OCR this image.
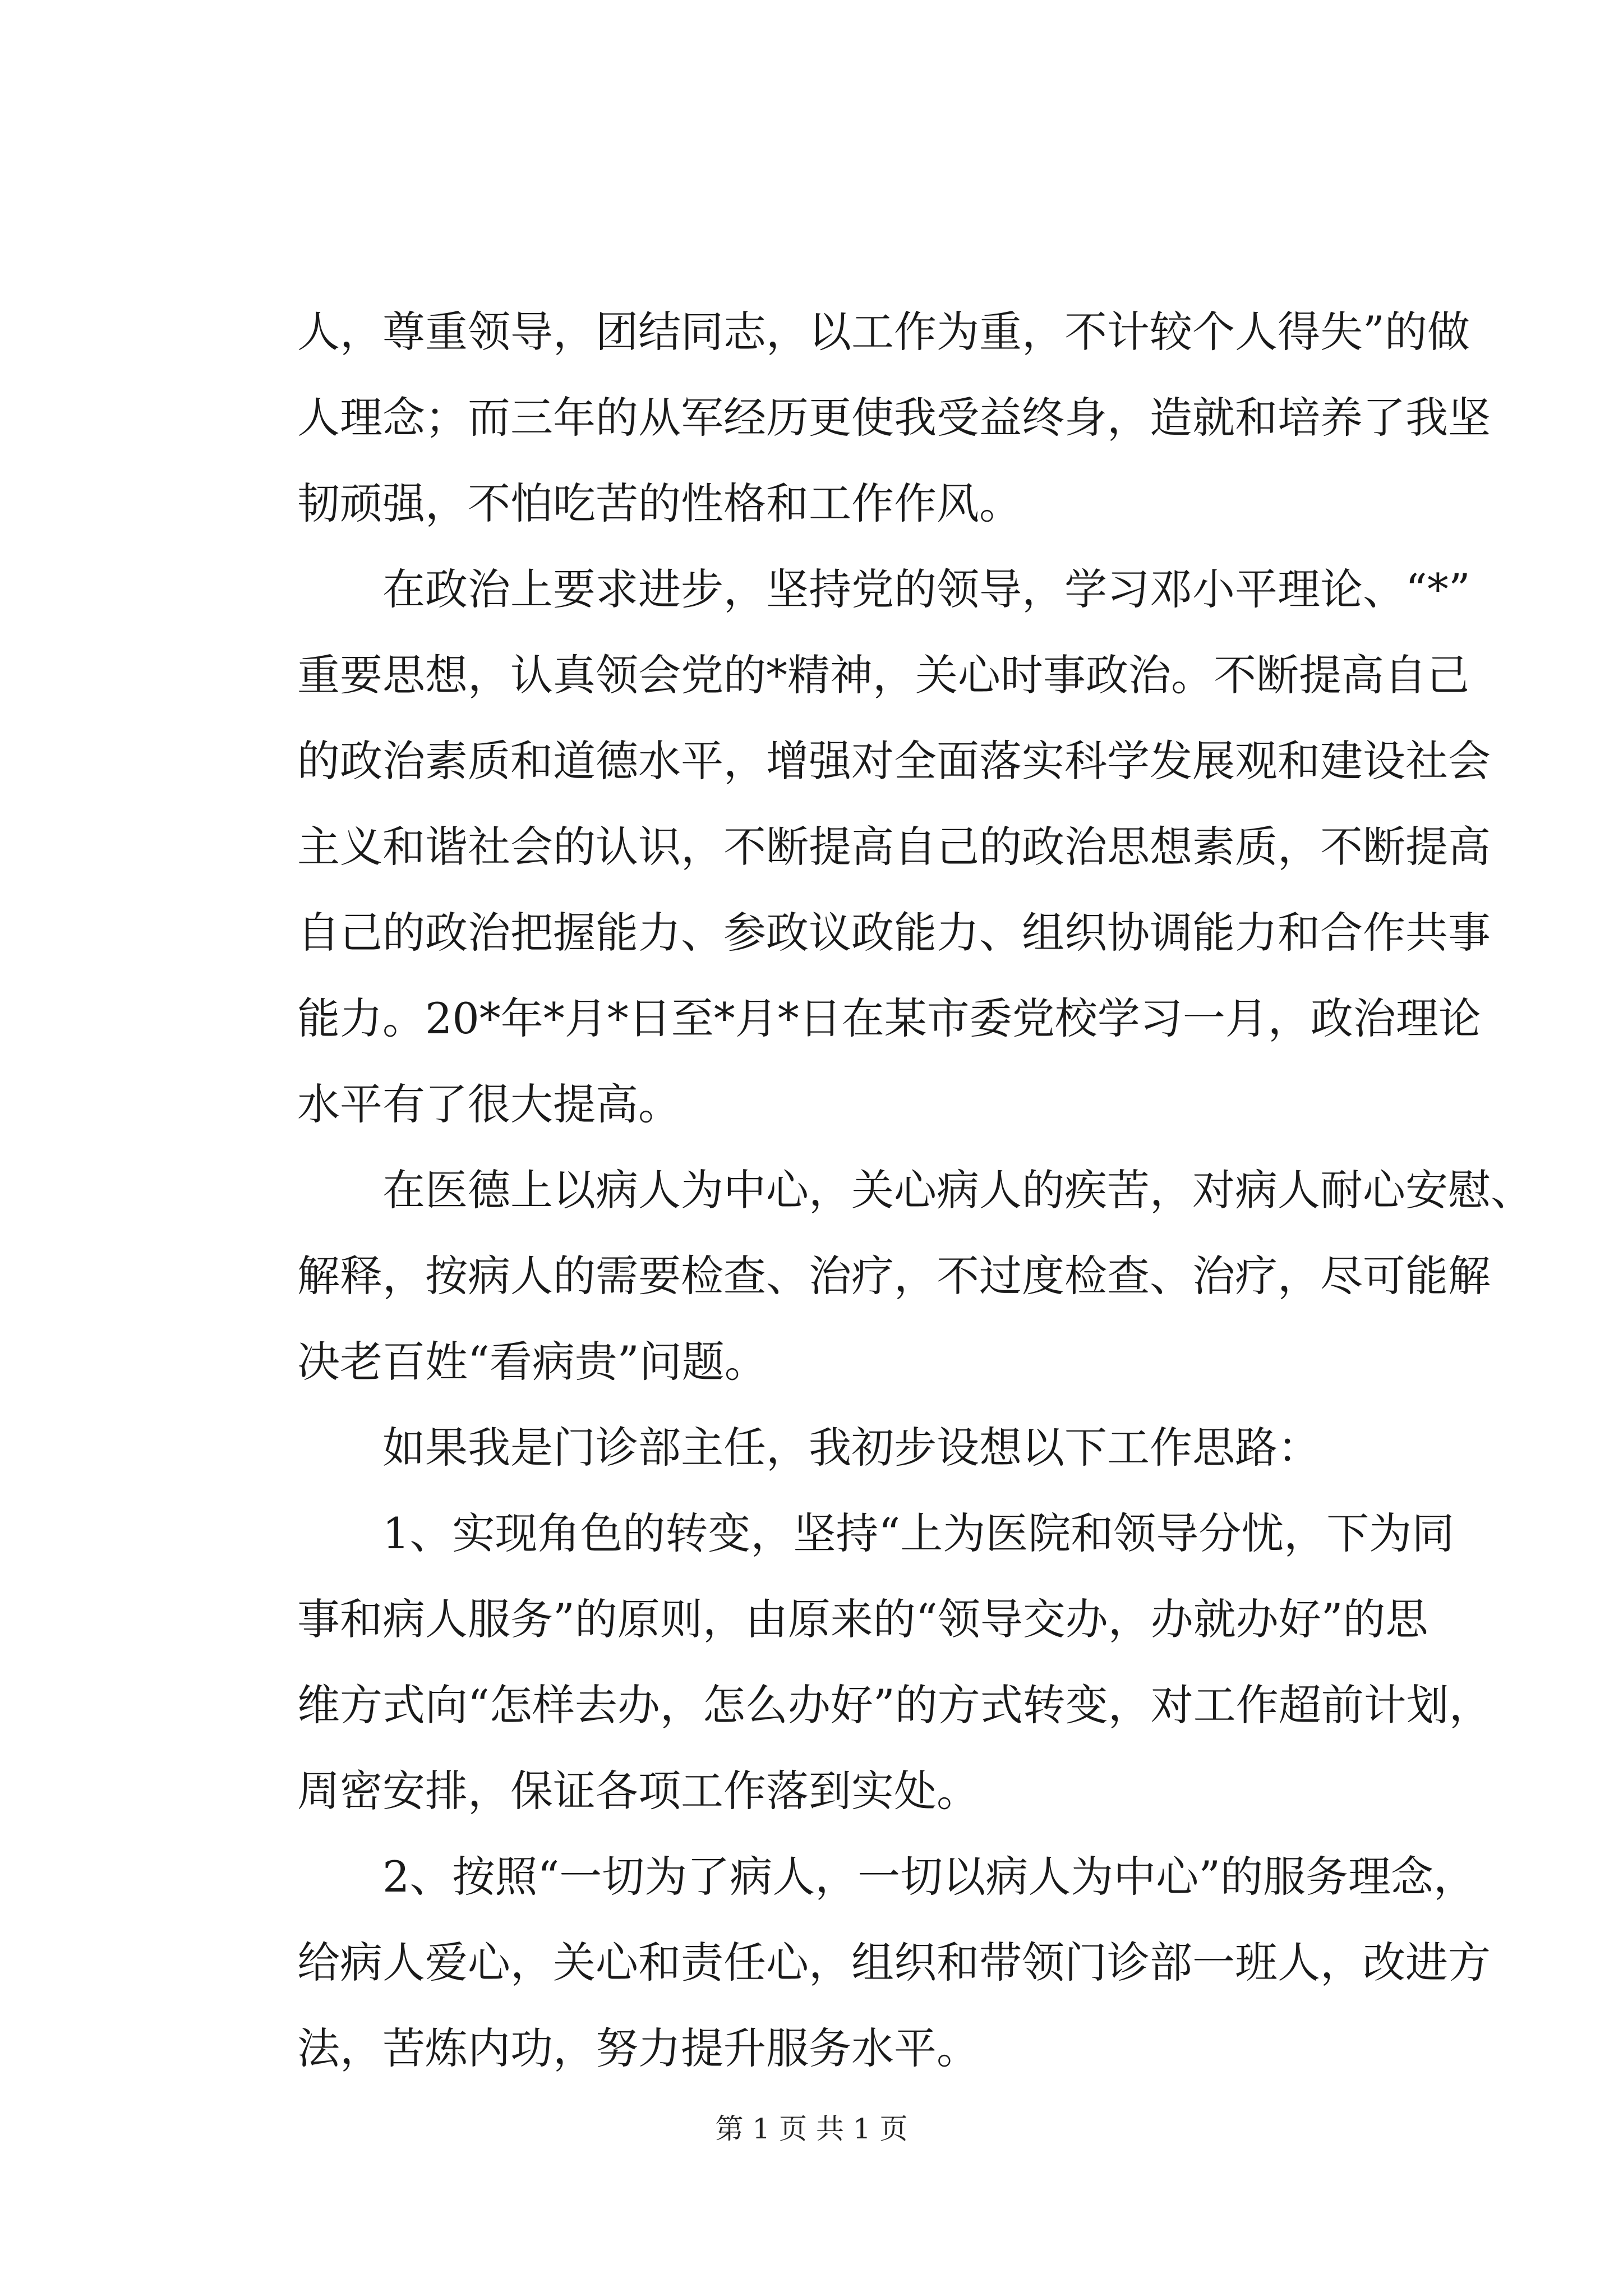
人，尊重领导，团结同志，以工作为重，不计较个人得失”的做
人理念；而三年的从军经历更使我受益终身，造就和培养了我坚
韧顽强，不怕吃苦的性格和工作作风。

　　在政治上要求进步，坚持党的领导，学习邓小平理论、“*”
重要思想，认真领会党的*精神，关心时事政治。不断提高自己
的政治素质和道德水平，增强对全面落实科学发展观和建设社会
主义和谐社会的认识，不断提高自己的政治思想素质，不断提高
自己的政治把握能力、参政议政能力、组织协调能力和合作共事
能力。20*年*月*日至*月*日在某市委党校学习一月，政治理论
水平有了很大提高。

　　在医德上以病人为中心，关心病人的疾苦，对病人耐心安慰、
解释，按病人的需要检查、治疗，不过度检查、治疗，尽可能解
决老百姓“看病贵”问题。

　　如果我是门诊部主任，我初步设想以下工作思路：

　　1、实现角色的转变，坚持“上为医院和领导分忧，下为同
事和病人服务”的原则，由原来的“领导交办，办就办好”的思
维方式向“怎样去办，怎么办好”的方式转变，对工作超前计划，
周密安排，保证各项工作落到实处。

　　2、按照“一切为了病人，一切以病人为中心”的服务理念，
给病人爱心，关心和责任心，组织和带领门诊部一班人，改进方
法，苦炼内功，努力提升服务水平。

第 1 页 共 1 页
